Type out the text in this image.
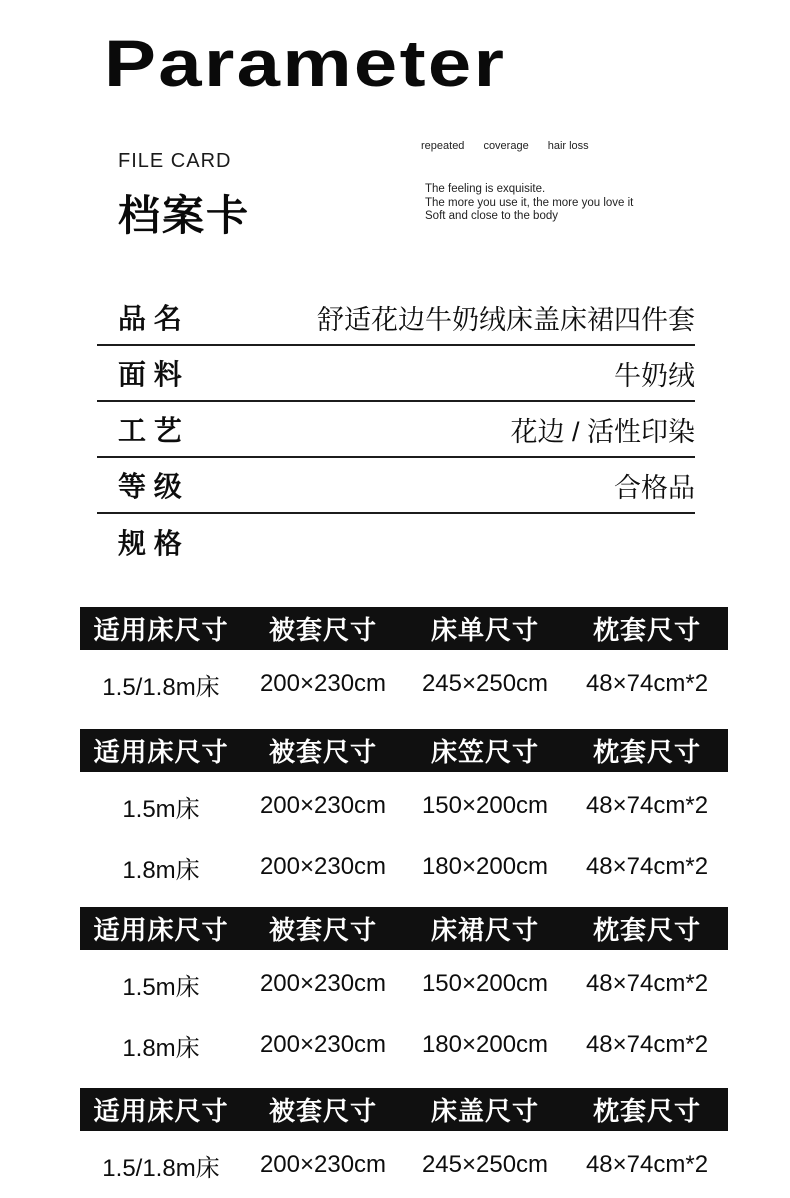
Parameter
FILE CARD
档案卡
repeated coverage hair loss
The feeling is exquisite.
The more you use it, the more you love it
Soft and close to the body
品 名	舒适花边牛奶绒床盖床裙四件套
面 料	牛奶绒
工 艺	花边 / 活性印染
等 级	合格品
规 格
适用床尺寸	被套尺寸	床单尺寸	枕套尺寸
1.5/1.8m床	200×230cm	245×250cm	48×74cm*2
适用床尺寸	被套尺寸	床笠尺寸	枕套尺寸
1.5m床	200×230cm	150×200cm	48×74cm*2
1.8m床	200×230cm	180×200cm	48×74cm*2
适用床尺寸	被套尺寸	床裙尺寸	枕套尺寸
1.5m床	200×230cm	150×200cm	48×74cm*2
1.8m床	200×230cm	180×200cm	48×74cm*2
适用床尺寸	被套尺寸	床盖尺寸	枕套尺寸
1.5/1.8m床	200×230cm	245×250cm	48×74cm*2
